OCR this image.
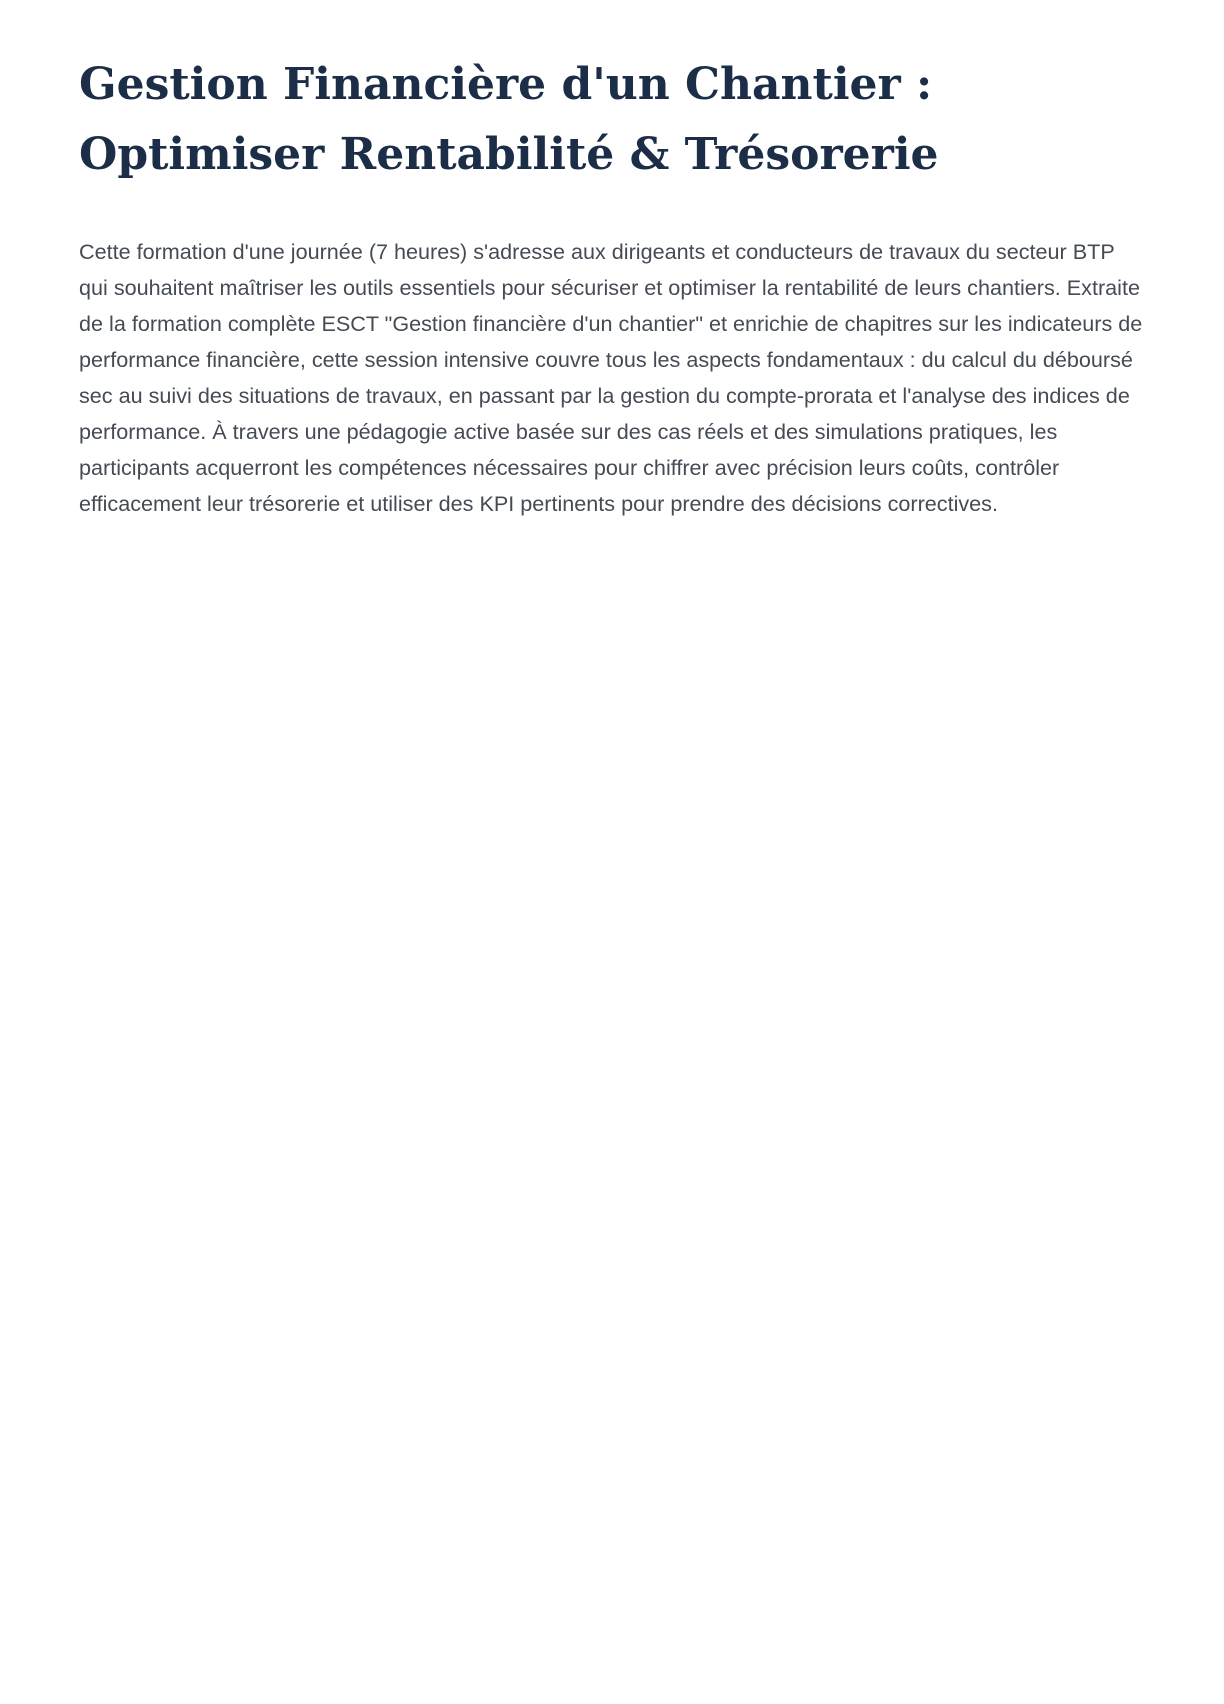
Gestion Financière d'un Chantier : Optimiser Rentabilité & Trésorerie

Cette formation d'une journée (7 heures) s'adresse aux dirigeants et conducteurs de travaux du secteur BTP qui souhaitent maîtriser les outils essentiels pour sécuriser et optimiser la rentabilité de leurs chantiers. Extraite de la formation complète ESCT "Gestion financière d'un chantier" et enrichie de chapitres sur les indicateurs de performance financière, cette session intensive couvre tous les aspects fondamentaux : du calcul du déboursé sec au suivi des situations de travaux, en passant par la gestion du compte-prorata et l'analyse des indices de performance. À travers une pédagogie active basée sur des cas réels et des simulations pratiques, les participants acquerront les compétences nécessaires pour chiffrer avec précision leurs coûts, contrôler efficacement leur trésorerie et utiliser des KPI pertinents pour prendre des décisions correctives.
